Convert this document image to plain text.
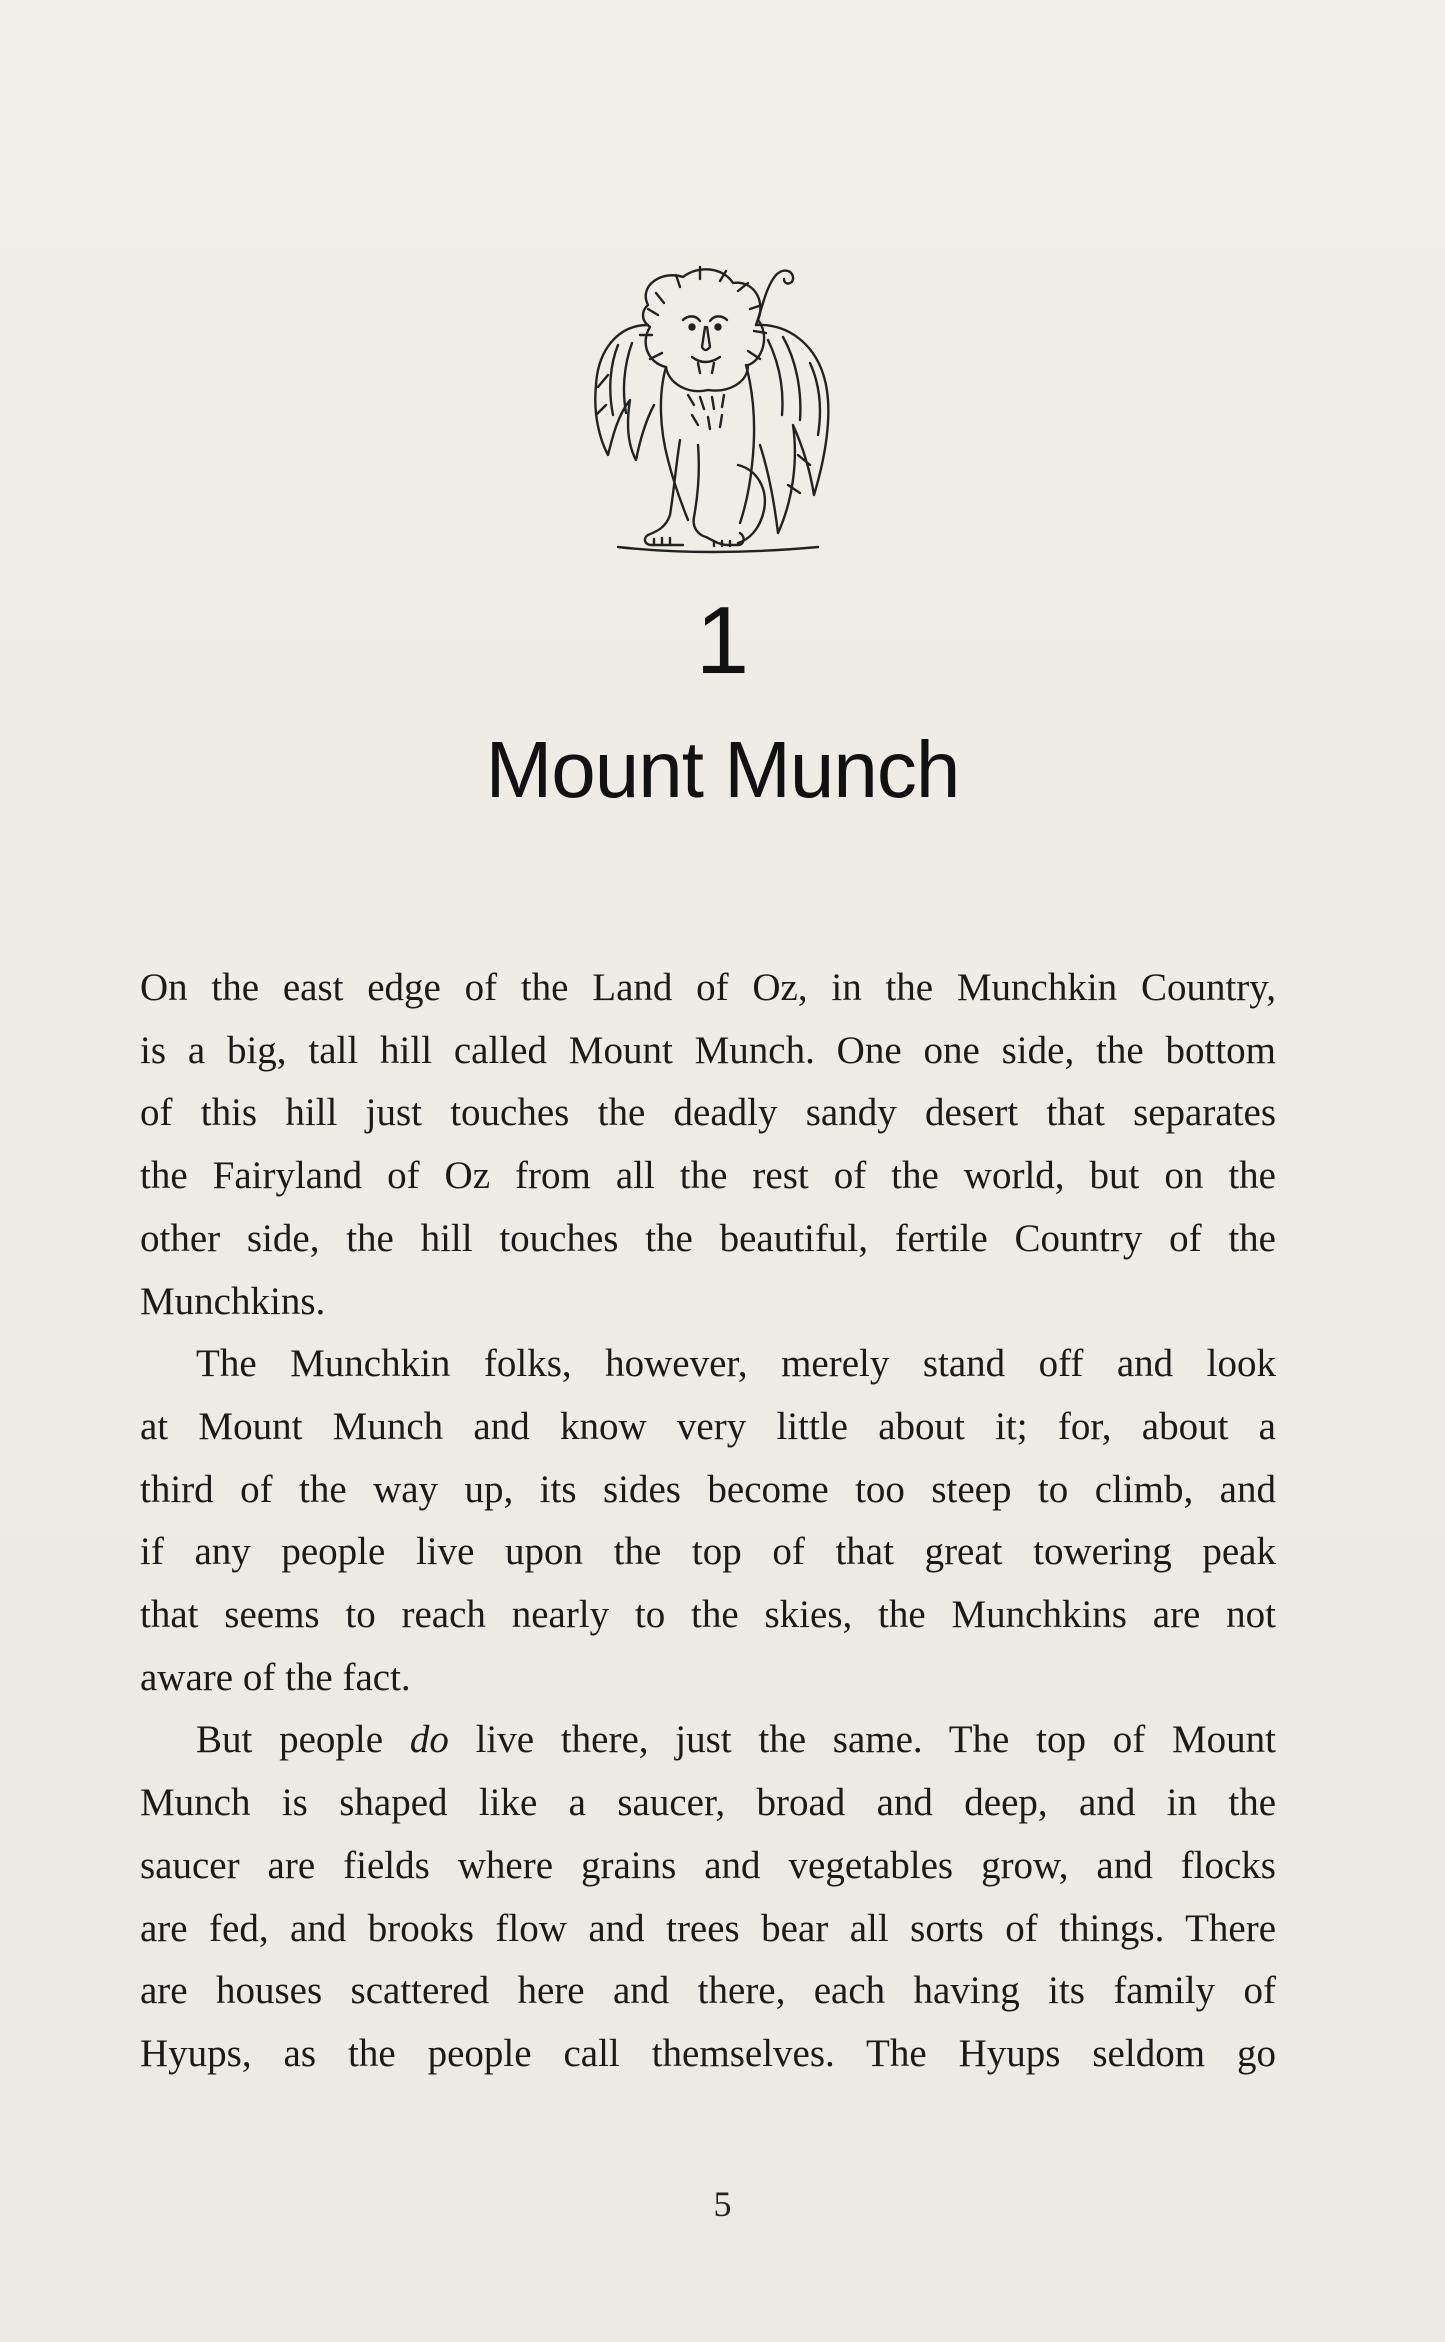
1
Mount Munch

On the east edge of the Land of Oz, in the Munchkin Country,
is a big, tall hill called Mount Munch. One one side, the bottom
of this hill just touches the deadly sandy desert that separates
the Fairyland of Oz from all the rest of the world, but on the
other side, the hill touches the beautiful, fertile Country of the
Munchkins.

The Munchkin folks, however, merely stand off and look
at Mount Munch and know very little about it; for, about a
third of the way up, its sides become too steep to climb, and
if any people live upon the top of that great towering peak
that seems to reach nearly to the skies, the Munchkins are not
aware of the fact.

But people do live there, just the same. The top of Mount
Munch is shaped like a saucer, broad and deep, and in the
saucer are fields where grains and vegetables grow, and flocks
are fed, and brooks flow and trees bear all sorts of things. There
are houses scattered here and there, each having its family of
Hyups, as the people call themselves. The Hyups seldom go

5
